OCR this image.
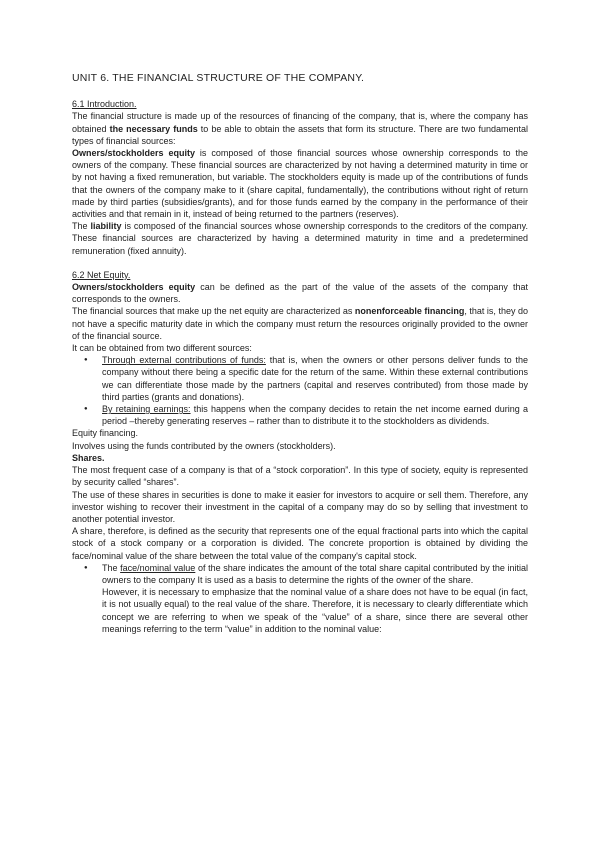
UNIT 6. THE FINANCIAL STRUCTURE OF THE COMPANY.

6.1 Introduction.

The financial structure is made up of the resources of financing of the company, that is, where the company has obtained the necessary funds to be able to obtain the assets that form its structure. There are two fundamental types of financial sources:

Owners/stockholders equity is composed of those financial sources whose ownership corresponds to the owners of the company. These financial sources are characterized by not having a determined maturity in time or by not having a fixed remuneration, but variable. The stockholders equity is made up of the contributions of funds that the owners of the company make to it (share capital, fundamentally), the contributions without right of return made by third parties (subsidies/grants), and for those funds earned by the company in the performance of their activities and that remain in it, instead of being returned to the partners (reserves).

The liability is composed of the financial sources whose ownership corresponds to the creditors of the company. These financial sources are characterized by having a determined maturity in time and a predetermined remuneration (fixed annuity).

6.2 Net Equity.

Owners/stockholders equity can be defined as the part of the value of the assets of the company that corresponds to the owners.

The financial sources that make up the net equity are characterized as nonenforceable financing, that is, they do not have a specific maturity date in which the company must return the resources originally provided to the owner of the financial source.

It can be obtained from two different sources:

● Through external contributions of funds: that is, when the owners or other persons deliver funds to the company without there being a specific date for the return of the same. Within these external contributions we can differentiate those made by the partners (capital and reserves contributed) from those made by third parties (grants and donations).
● By retaining earnings: this happens when the company decides to retain the net income earned during a period –thereby generating reserves – rather than to distribute it to the stockholders as dividends.

Equity financing.

Involves using the funds contributed by the owners (stockholders).

Shares.

The most frequent case of a company is that of a “stock corporation”. In this type of society, equity is represented by security called “shares”.

The use of these shares in securities is done to make it easier for investors to acquire or sell them. Therefore, any investor wishing to recover their investment in the capital of a company may do so by selling that investment to another potential investor.

A share, therefore, is defined as the security that represents one of the equal fractional parts into which the capital stock of a stock company or a corporation is divided. The concrete proportion is obtained by dividing the face/nominal value of the share between the total value of the company's capital stock.

● The face/nominal value of the share indicates the amount of the total share capital contributed by the initial owners to the company It is used as a basis to determine the rights of the owner of the share.

However, it is necessary to emphasize that the nominal value of a share does not have to be equal (in fact, it is not usually equal) to the real value of the share. Therefore, it is necessary to clearly differentiate which concept we are referring to when we speak of the “value” of a share, since there are several other meanings referring to the term “value” in addition to the nominal value:
